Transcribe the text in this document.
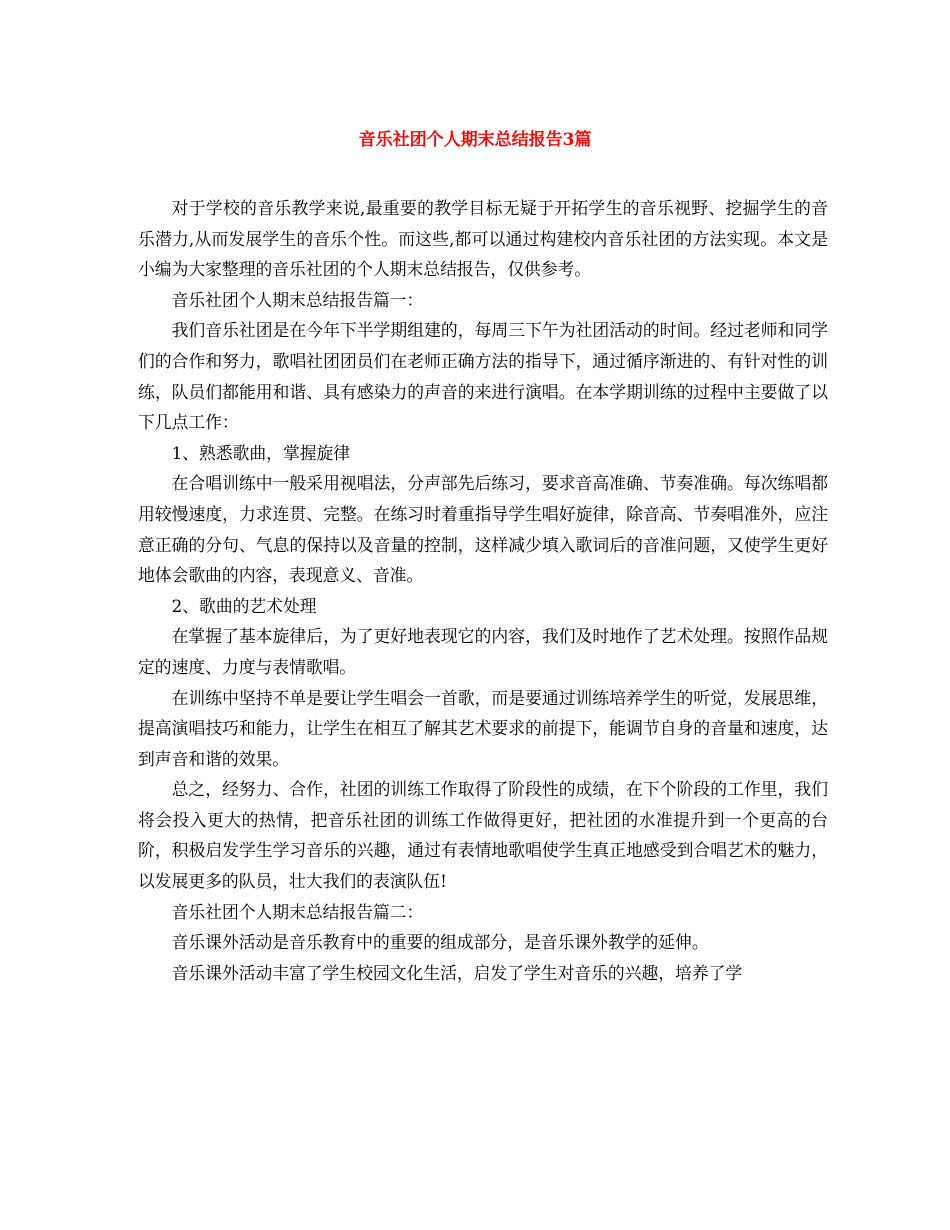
音乐社团个人期末总结报告3篇

对于学校的音乐教学来说,最重要的教学目标无疑于开拓学生的音乐视野、挖掘学生的音乐潜力,从而发展学生的音乐个性。而这些,都可以通过构建校内音乐社团的方法实现。本文是小编为大家整理的音乐社团的个人期末总结报告，仅供参考。

音乐社团个人期末总结报告篇一：

我们音乐社团是在今年下半学期组建的，每周三下午为社团活动的时间。经过老师和同学们的合作和努力，歌唱社团团员们在老师正确方法的指导下，通过循序渐进的、有针对性的训练，队员们都能用和谐、具有感染力的声音的来进行演唱。在本学期训练的过程中主要做了以下几点工作：

1、熟悉歌曲，掌握旋律

在合唱训练中一般采用视唱法，分声部先后练习，要求音高准确、节奏准确。每次练唱都用较慢速度，力求连贯、完整。在练习时着重指导学生唱好旋律，除音高、节奏唱准外，应注意正确的分句、气息的保持以及音量的控制，这样减少填入歌词后的音准问题，又使学生更好地体会歌曲的内容，表现意义、音准。

2、歌曲的艺术处理

在掌握了基本旋律后，为了更好地表现它的内容，我们及时地作了艺术处理。按照作品规定的速度、力度与表情歌唱。

在训练中坚持不单是要让学生唱会一首歌，而是要通过训练培养学生的听觉，发展思维，提高演唱技巧和能力，让学生在相互了解其艺术要求的前提下，能调节自身的音量和速度，达到声音和谐的效果。

总之，经努力、合作，社团的训练工作取得了阶段性的成绩，在下个阶段的工作里，我们将会投入更大的热情，把音乐社团的训练工作做得更好，把社团的水准提升到一个更高的台阶，积极启发学生学习音乐的兴趣，通过有表情地歌唱使学生真正地感受到合唱艺术的魅力，以发展更多的队员，壮大我们的表演队伍!

音乐社团个人期末总结报告篇二：

音乐课外活动是音乐教育中的重要的组成部分，是音乐课外教学的延伸。

音乐课外活动丰富了学生校园文化生活，启发了学生对音乐的兴趣，培养了学
